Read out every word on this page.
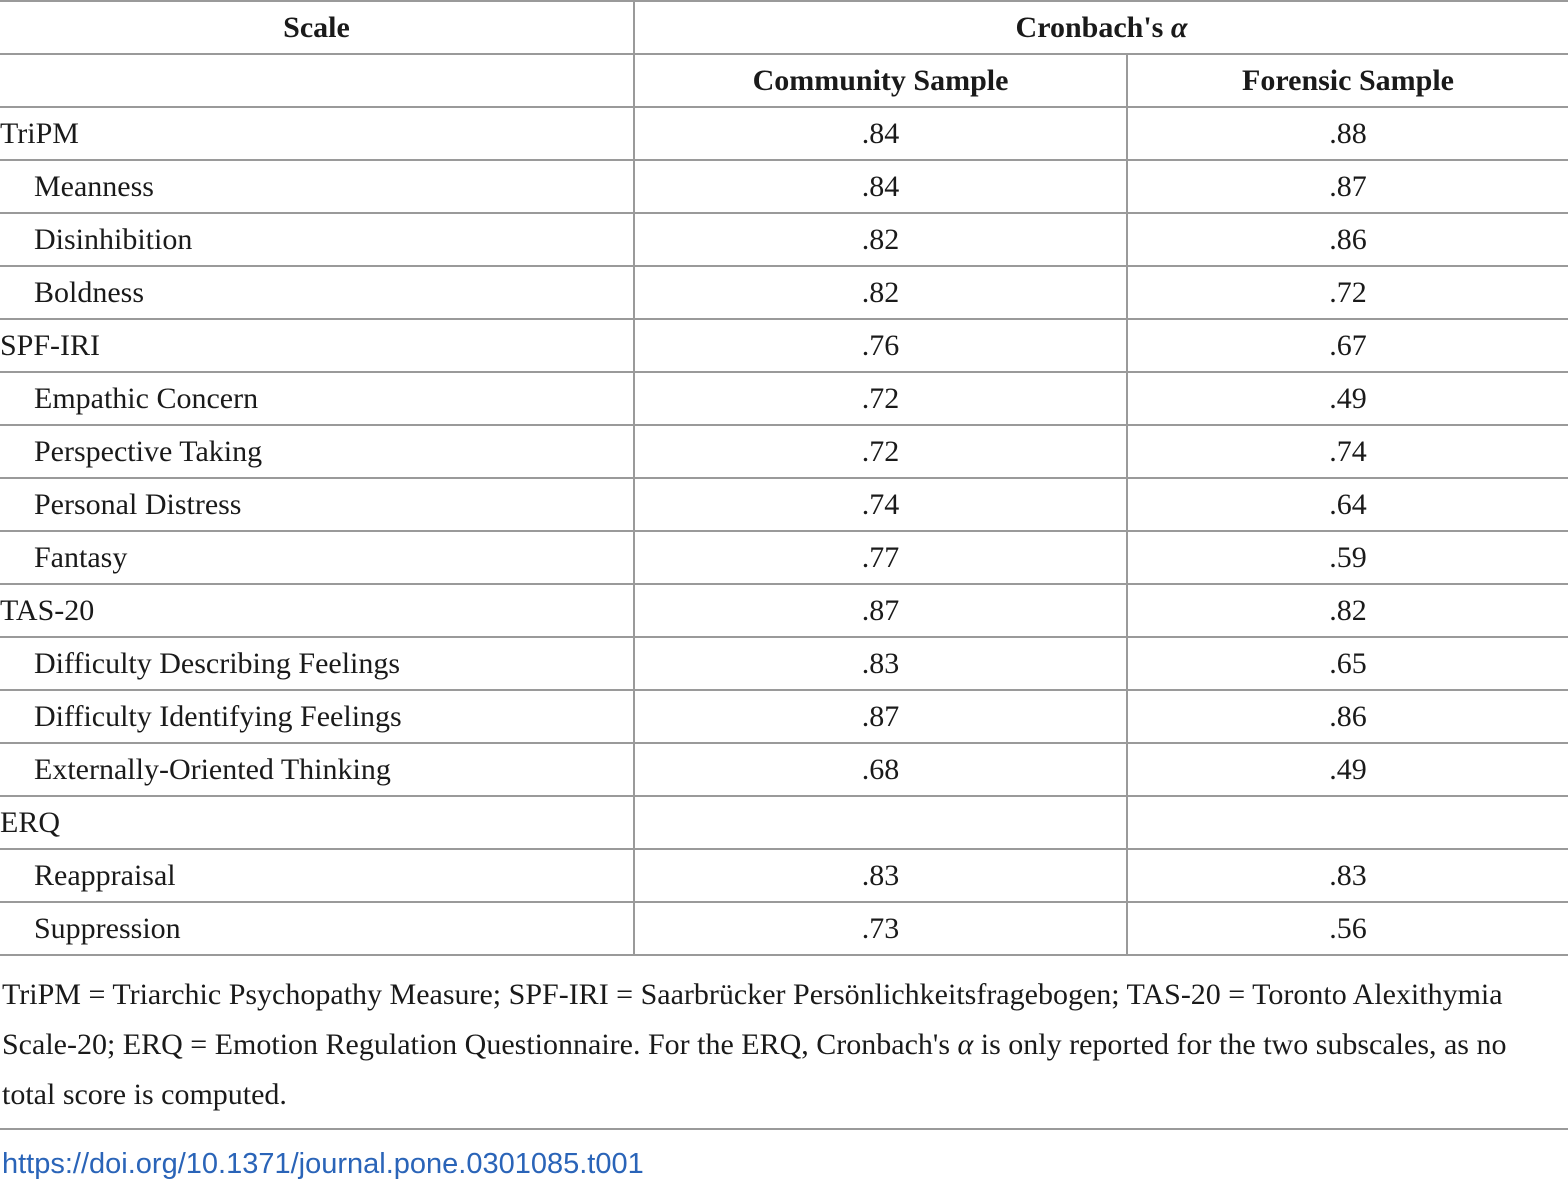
Scale	Cronbach's α	
	Community Sample	Forensic Sample
TriPM	.84	.88
Meanness	.84	.87
Disinhibition	.82	.86
Boldness	.82	.72
SPF-IRI	.76	.67
Empathic Concern	.72	.49
Perspective Taking	.72	.74
Personal Distress	.74	.64
Fantasy	.77	.59
TAS-20	.87	.82
Difficulty Describing Feelings	.83	.65
Difficulty Identifying Feelings	.87	.86
Externally-Oriented Thinking	.68	.49
ERQ		
Reappraisal	.83	.83
Suppression	.73	.56
TriPM = Triarchic Psychopathy Measure; SPF-IRI = Saarbrücker Persönlichkeitsfragebogen; TAS-20 = Toronto Alexithymia Scale-20; ERQ = Emotion Regulation Questionnaire. For the ERQ, Cronbach's α is only reported for the two subscales, as no total score is computed.
https://doi.org/10.1371/journal.pone.0301085.t001
